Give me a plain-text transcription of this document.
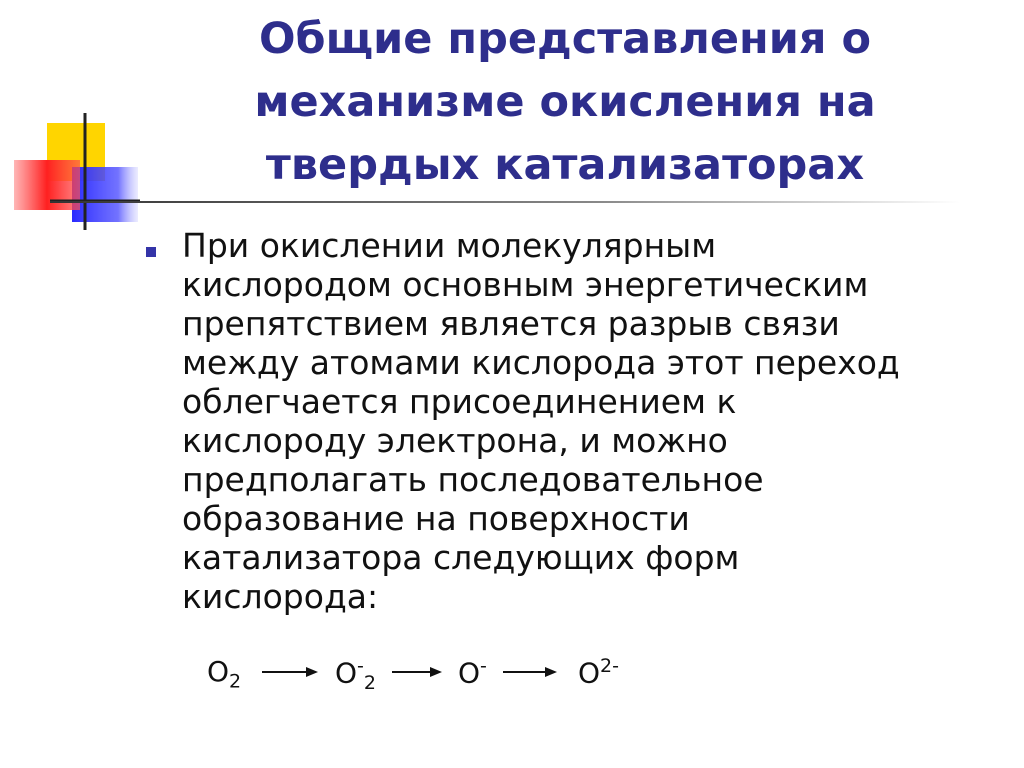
Общие представления о
механизме окисления на
твердых катализаторах
При окислении молекулярным
кислородом основным энергетическим
препятствием является разрыв связи
между атомами кислорода этот переход
облегчается присоединением к
кислороду электрона, и можно
предполагать последовательное
образование на поверхности
катализатора следующих форм
кислорода:
$O_2$	$O^-_2$	O-	$O^{2-}$
